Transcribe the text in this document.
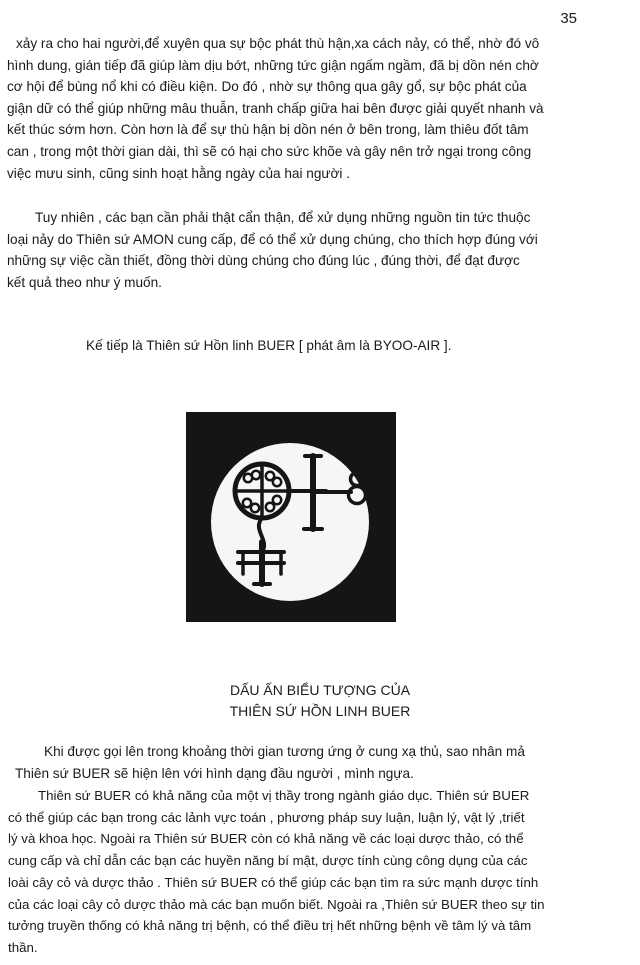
35
xảy ra cho hai người,để xuyên qua sự bộc phát thù hận,xa cách nảy, có thể, nhờ đó vô
hình dung, gián tiếp đã giúp làm dịu bớt, những tức giận ngấm ngầm, đã bị dồn nén chờ
cơ hội để bùng nổ khi có điều kiện. Do đó , nhờ sự thông qua gây gổ, sự bộc phát của
giận dữ có thể giúp những mâu thuẫn, tranh chấp giữa hai bên được giải quyết nhanh và
kết thúc sớm hơn. Còn hơn là để sự thù hận bị dồn nén ở bên trong, làm thiêu đốt tâm
can , trong một thời gian dài, thì sẽ có hại cho sức khõe và gây nên trở ngại trong công
việc mưu sinh, cũng sinh hoạt hằng ngày của hai người .
Tuy nhiên , các bạn cần phải thật cẩn thận, để xử dụng những nguồn tin tức thuộc
loại nảy do Thiên sứ AMON cung cấp, để có thể xử dụng chúng, cho thích hợp đúng với
những sự việc cần thiết, đồng thời dùng chúng cho đúng lúc , đúng thời, để đạt được
kết quả theo như ý muốn.
Kế tiếp là Thiên sứ Hồn linh BUER [ phát âm là BYOO-AIR ].
DẤU ẤN BIỂU TƯỢNG CỦA
THIÊN SỨ HỒN LINH BUER
Khi được gọi lên trong khoảng thời gian tương ứng ở cung xạ thủ, sao nhân mả
Thiên sứ BUER sẽ hiện lên với hình dạng đầu người , mình ngựa.
Thiên sứ BUER có khả năng của một vị thầy trong ngành giáo dục. Thiên sứ BUER
có thể giúp các bạn trong các lảnh vực toán , phương pháp suy luận, luận lý, vật lý ,triết
lý và khoa học. Ngoài ra Thiên sứ BUER còn có khả năng về các loại dược thảo, có thể
cung cấp và chỉ dẫn các bạn các huyền năng bí mật, dược tính cùng công dụng của các
loài cây cỏ và dược thảo . Thiên sứ BUER có thể giúp các bạn tìm ra sức mạnh dược tính
của các loại cây cỏ dược thảo mà các bạn muốn biết. Ngoài ra ,Thiên sứ BUER theo sự tin
tưởng truyền thống có khả năng trị bệnh, có thể điều trị hết những bệnh về tâm lý và tâm
thần.
